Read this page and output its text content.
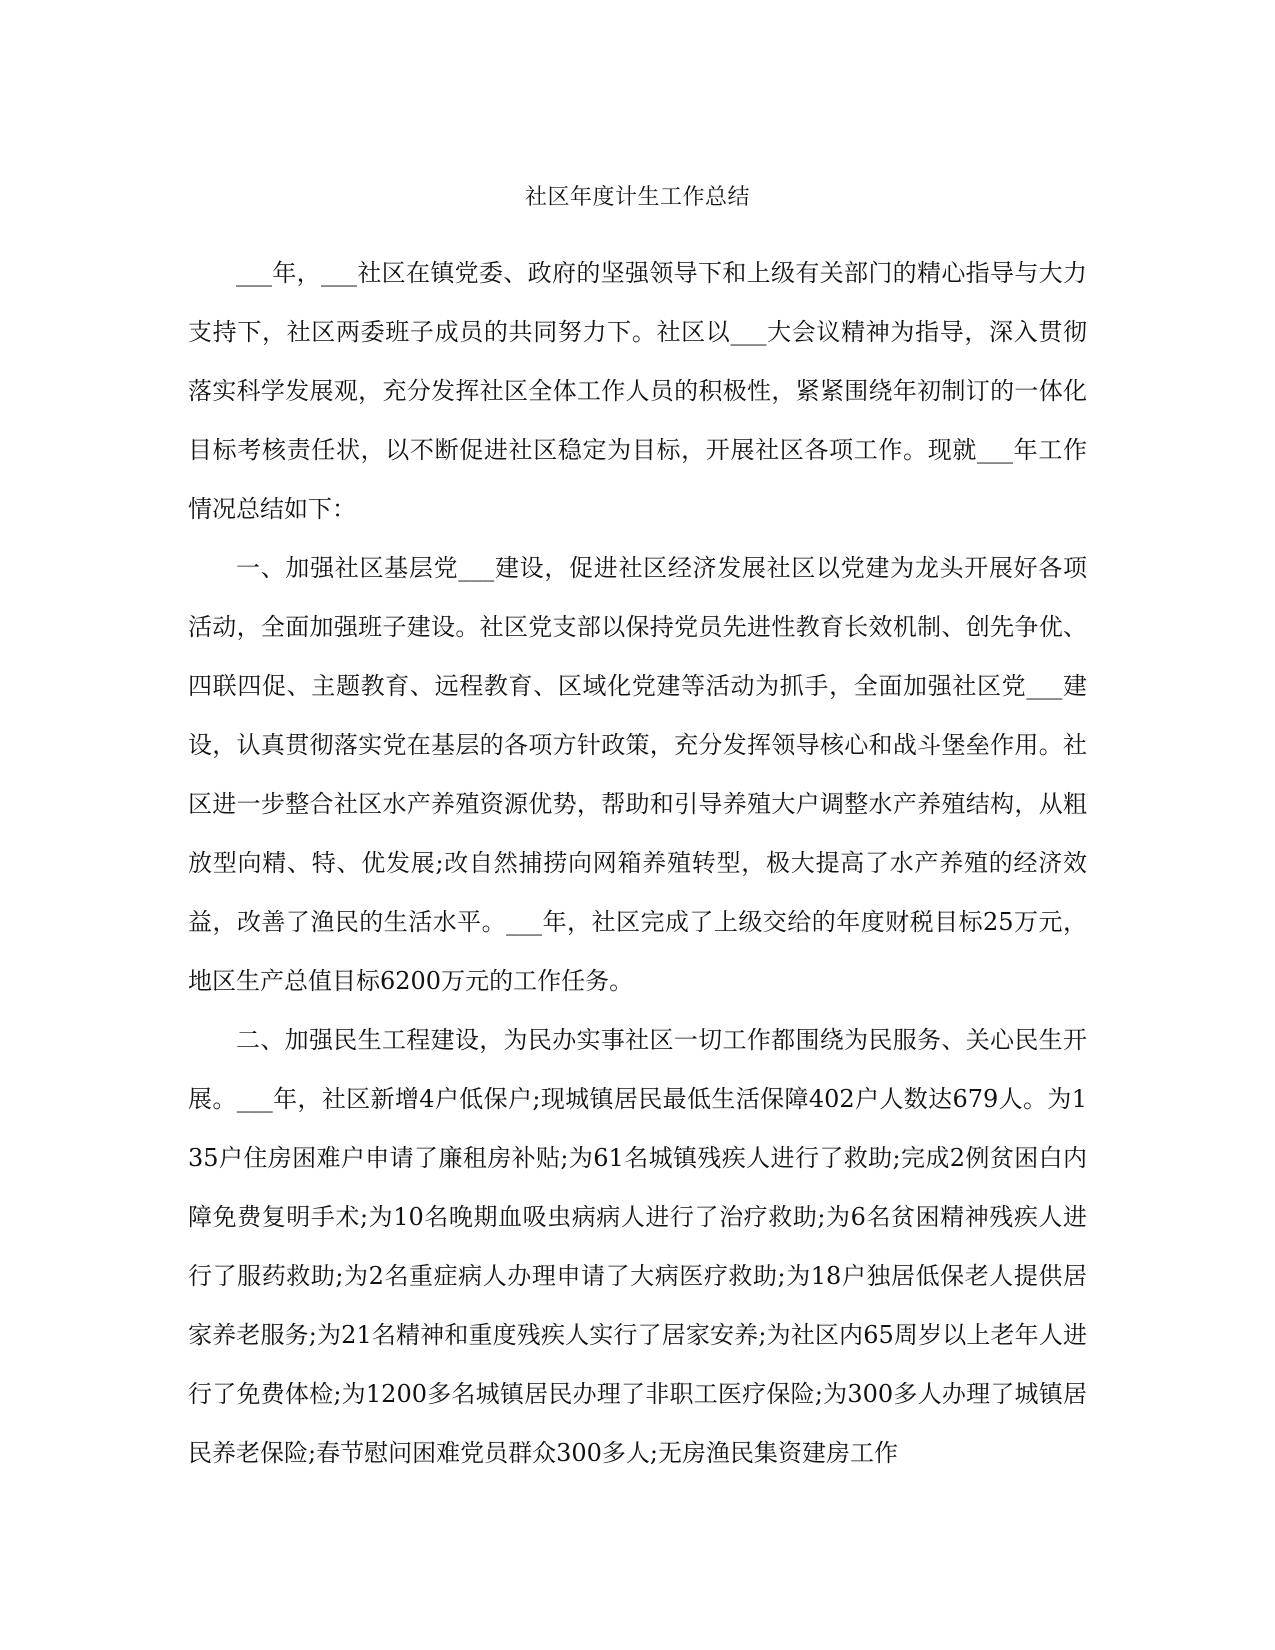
社区年度计生工作总结

___年，___社区在镇党委、政府的坚强领导下和上级有关部门的精心指导与大力支持下，社区两委班子成员的共同努力下。社区以___大会议精神为指导，深入贯彻落实科学发展观，充分发挥社区全体工作人员的积极性，紧紧围绕年初制订的一体化目标考核责任状，以不断促进社区稳定为目标，开展社区各项工作。现就___年工作情况总结如下：

一、加强社区基层党___建设，促进社区经济发展社区以党建为龙头开展好各项活动，全面加强班子建设。社区党支部以保持党员先进性教育长效机制、创先争优、四联四促、主题教育、远程教育、区域化党建等活动为抓手，全面加强社区党___建设，认真贯彻落实党在基层的各项方针政策，充分发挥领导核心和战斗堡垒作用。社区进一步整合社区水产养殖资源优势，帮助和引导养殖大户调整水产养殖结构，从粗放型向精、特、优发展;改自然捕捞向网箱养殖转型，极大提高了水产养殖的经济效益，改善了渔民的生活水平。___年，社区完成了上级交给的年度财税目标25万元，地区生产总值目标6200万元的工作任务。

二、加强民生工程建设，为民办实事社区一切工作都围绕为民服务、关心民生开展。___年，社区新增4户低保户;现城镇居民最低生活保障402户人数达679人。为135户住房困难户申请了廉租房补贴;为61名城镇残疾人进行了救助;完成2例贫困白内障免费复明手术;为10名晚期血吸虫病病人进行了治疗救助;为6名贫困精神残疾人进行了服药救助;为2名重症病人办理申请了大病医疗救助;为18户独居低保老人提供居家养老服务;为21名精神和重度残疾人实行了居家安养;为社区内65周岁以上老年人进行了免费体检;为1200多名城镇居民办理了非职工医疗保险;为300多人办理了城镇居民养老保险;春节慰问困难党员群众300多人;无房渔民集资建房工作
